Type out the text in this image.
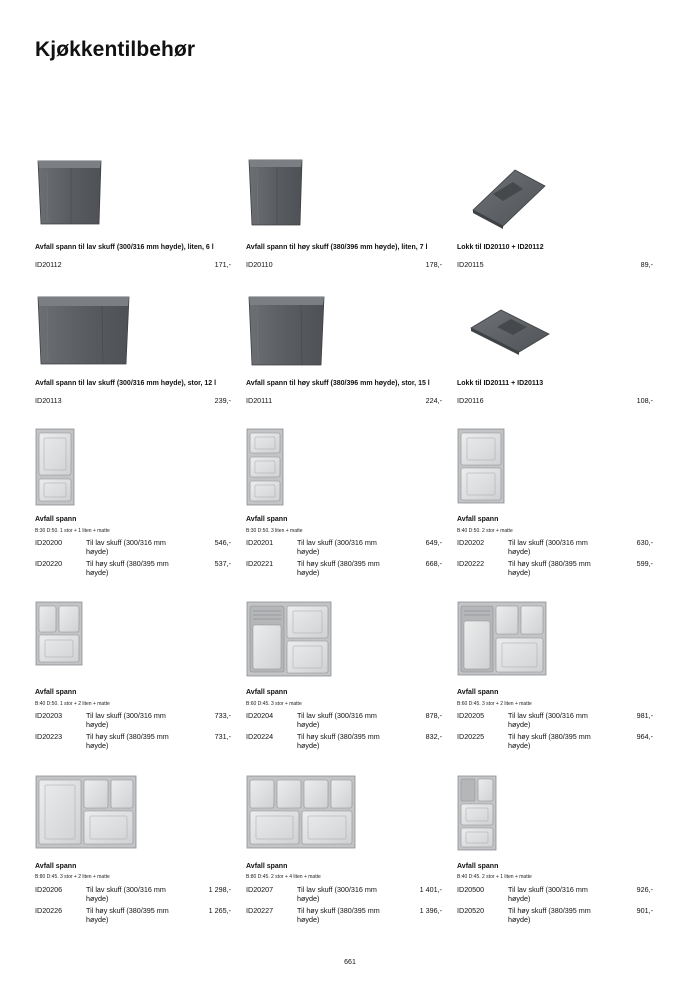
Kjøkkentilbehør
Avfall spann til lav skuff (300/316 mm høyde), liten, 6 l
ID20112	171,-
Avfall spann til høy skuff (380/396 mm høyde), liten, 7 l
ID20110	178,-
Lokk til ID20110 + ID20112
ID20115	89,-
Avfall spann til lav skuff (300/316 mm høyde), stor, 12 l
ID20113	239,-
Avfall spann til høy skuff (380/396 mm høyde), stor, 15 l
ID20111	224,-
Lokk til ID20111 + ID20113
ID20116	108,-
Avfall spann
B:30 D:50. 1 stor + 1 liten + matte
ID20200	Til lav skuff (300/316 mm høyde)
546,-
ID20220	Til høy skuff (380/395 mm høyde)
537,-
Avfall spann
B:30 D:50. 3 liten + matte
ID20201	Til lav skuff (300/316 mm høyde)
649,-
ID20221	Til høy skuff (380/395 mm høyde)
668,-
Avfall spann
B:40 D:50. 2 stor + matte
ID20202	Til lav skuff (300/316 mm høyde)
630,-
ID20222	Til høy skuff (380/395 mm høyde)
599,-
Avfall spann
B:40 D:50. 1 stor + 2 liten + matte
ID20203	Til lav skuff (300/316 mm høyde)
733,-
ID20223	Til høy skuff (380/395 mm høyde)
731,-
Avfall spann
B:60 D:45. 3 stor + matte
ID20204	Til lav skuff (300/316 mm høyde)
878,-
ID20224	Til høy skuff (380/395 mm høyde)
832,-
Avfall spann
B:60 D:45. 3 stor + 2 liten + matte
ID20205	Til lav skuff (300/316 mm høyde)
981,-
ID20225	Til høy skuff (380/395 mm høyde)
964,-
Avfall spann
B:80 D:45. 3 stor + 2 liten + matte
ID20206	Til lav skuff (300/316 mm høyde)
1 298,-
ID20226	Til høy skuff (380/395 mm høyde)
1 265,-
Avfall spann
B:80 D:45. 2 stor + 4 liten + matte
ID20207	Til lav skuff (300/316 mm høyde)
1 401,-
ID20227	Til høy skuff (380/395 mm høyde)
1 396,-
Avfall spann
B:40 D:45. 2 stor + 1 liten + matte
ID20500	Til lav skuff (300/316 mm høyde)
926,-
ID20520	Til høy skuff (380/395 mm høyde)
901,-
661
